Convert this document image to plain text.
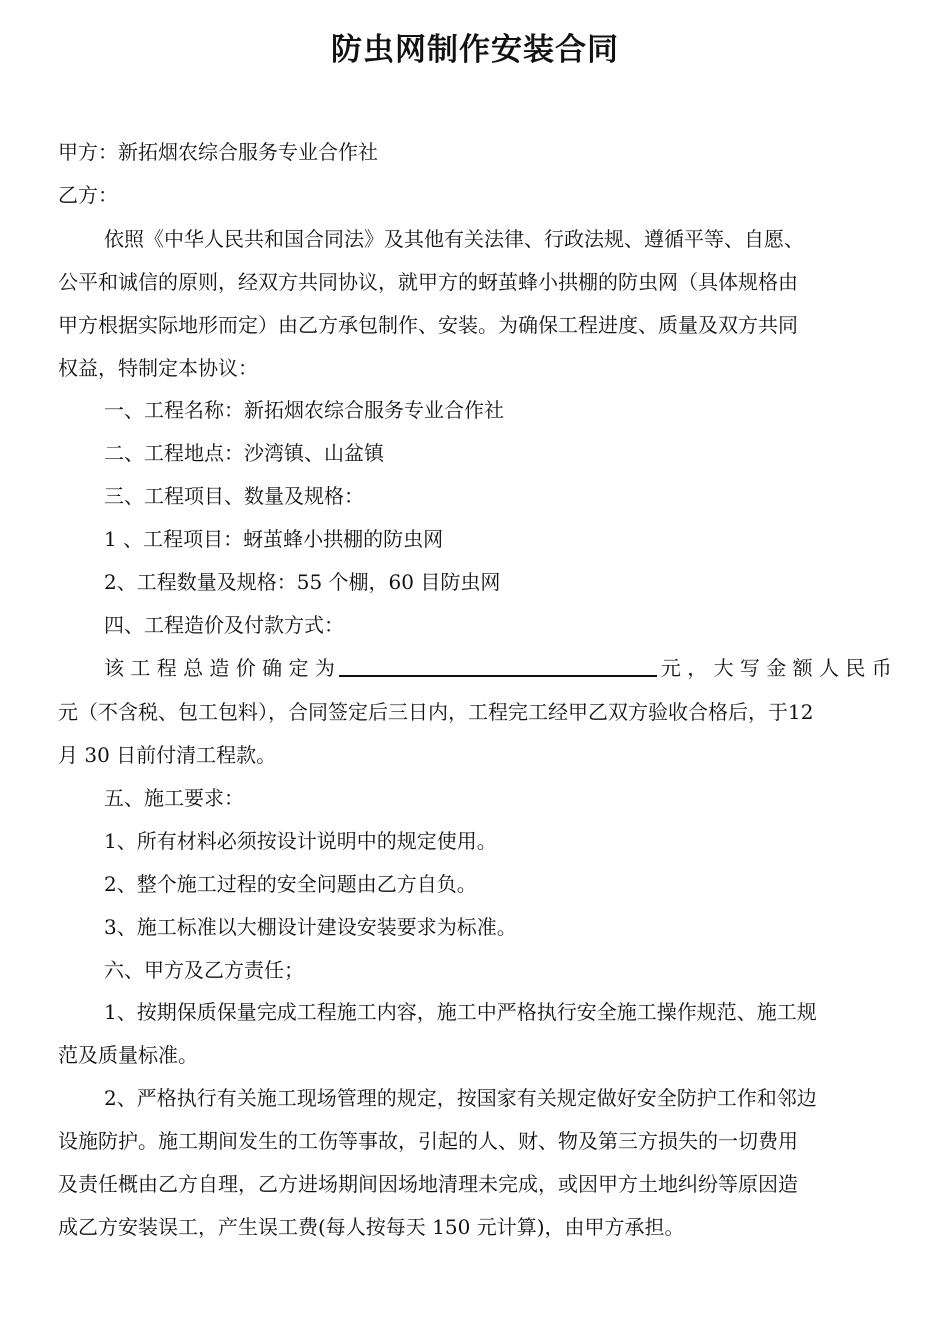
防虫网制作安装合同
甲方：新拓烟农综合服务专业合作社
乙方：
依照《中华人民共和国合同法》及其他有关法律、行政法规、遵循平等、自愿、
公平和诚信的原则，经双方共同协议，就甲方的蚜茧蜂小拱棚的防虫网（具体规格由
甲方根据实际地形而定）由乙方承包制作、安装。为确保工程进度、质量及双方共同
权益，特制定本协议：
一、工程名称：新拓烟农综合服务专业合作社
二、工程地点：沙湾镇、山盆镇
三、工程项目、数量及规格：
1 、工程项目：蚜茧蜂小拱棚的防虫网
2、工程数量及规格：55 个棚，60 目防虫网
四、工程造价及付款方式：
该 工 程 总 造 价 确 定 为	元 ， 大 写 金 额 人 民 币
元（不含税、包工包料），合同签定后三日内，工程完工经甲乙双方验收合格后，于12
月 30 日前付清工程款。
五、施工要求：
1、所有材料必须按设计说明中的规定使用。
2、整个施工过程的安全问题由乙方自负。
3、施工标准以大棚设计建设安装要求为标准。
六、甲方及乙方责任；
1、按期保质保量完成工程施工内容，施工中严格执行安全施工操作规范、施工规
范及质量标准。
2、严格执行有关施工现场管理的规定，按国家有关规定做好安全防护工作和邻边
设施防护。施工期间发生的工伤等事故，引起的人、财、物及第三方损失的一切费用
及责任概由乙方自理，乙方进场期间因场地清理未完成，或因甲方土地纠纷等原因造
成乙方安装误工，产生误工费(每人按每天 150 元计算)，由甲方承担。
